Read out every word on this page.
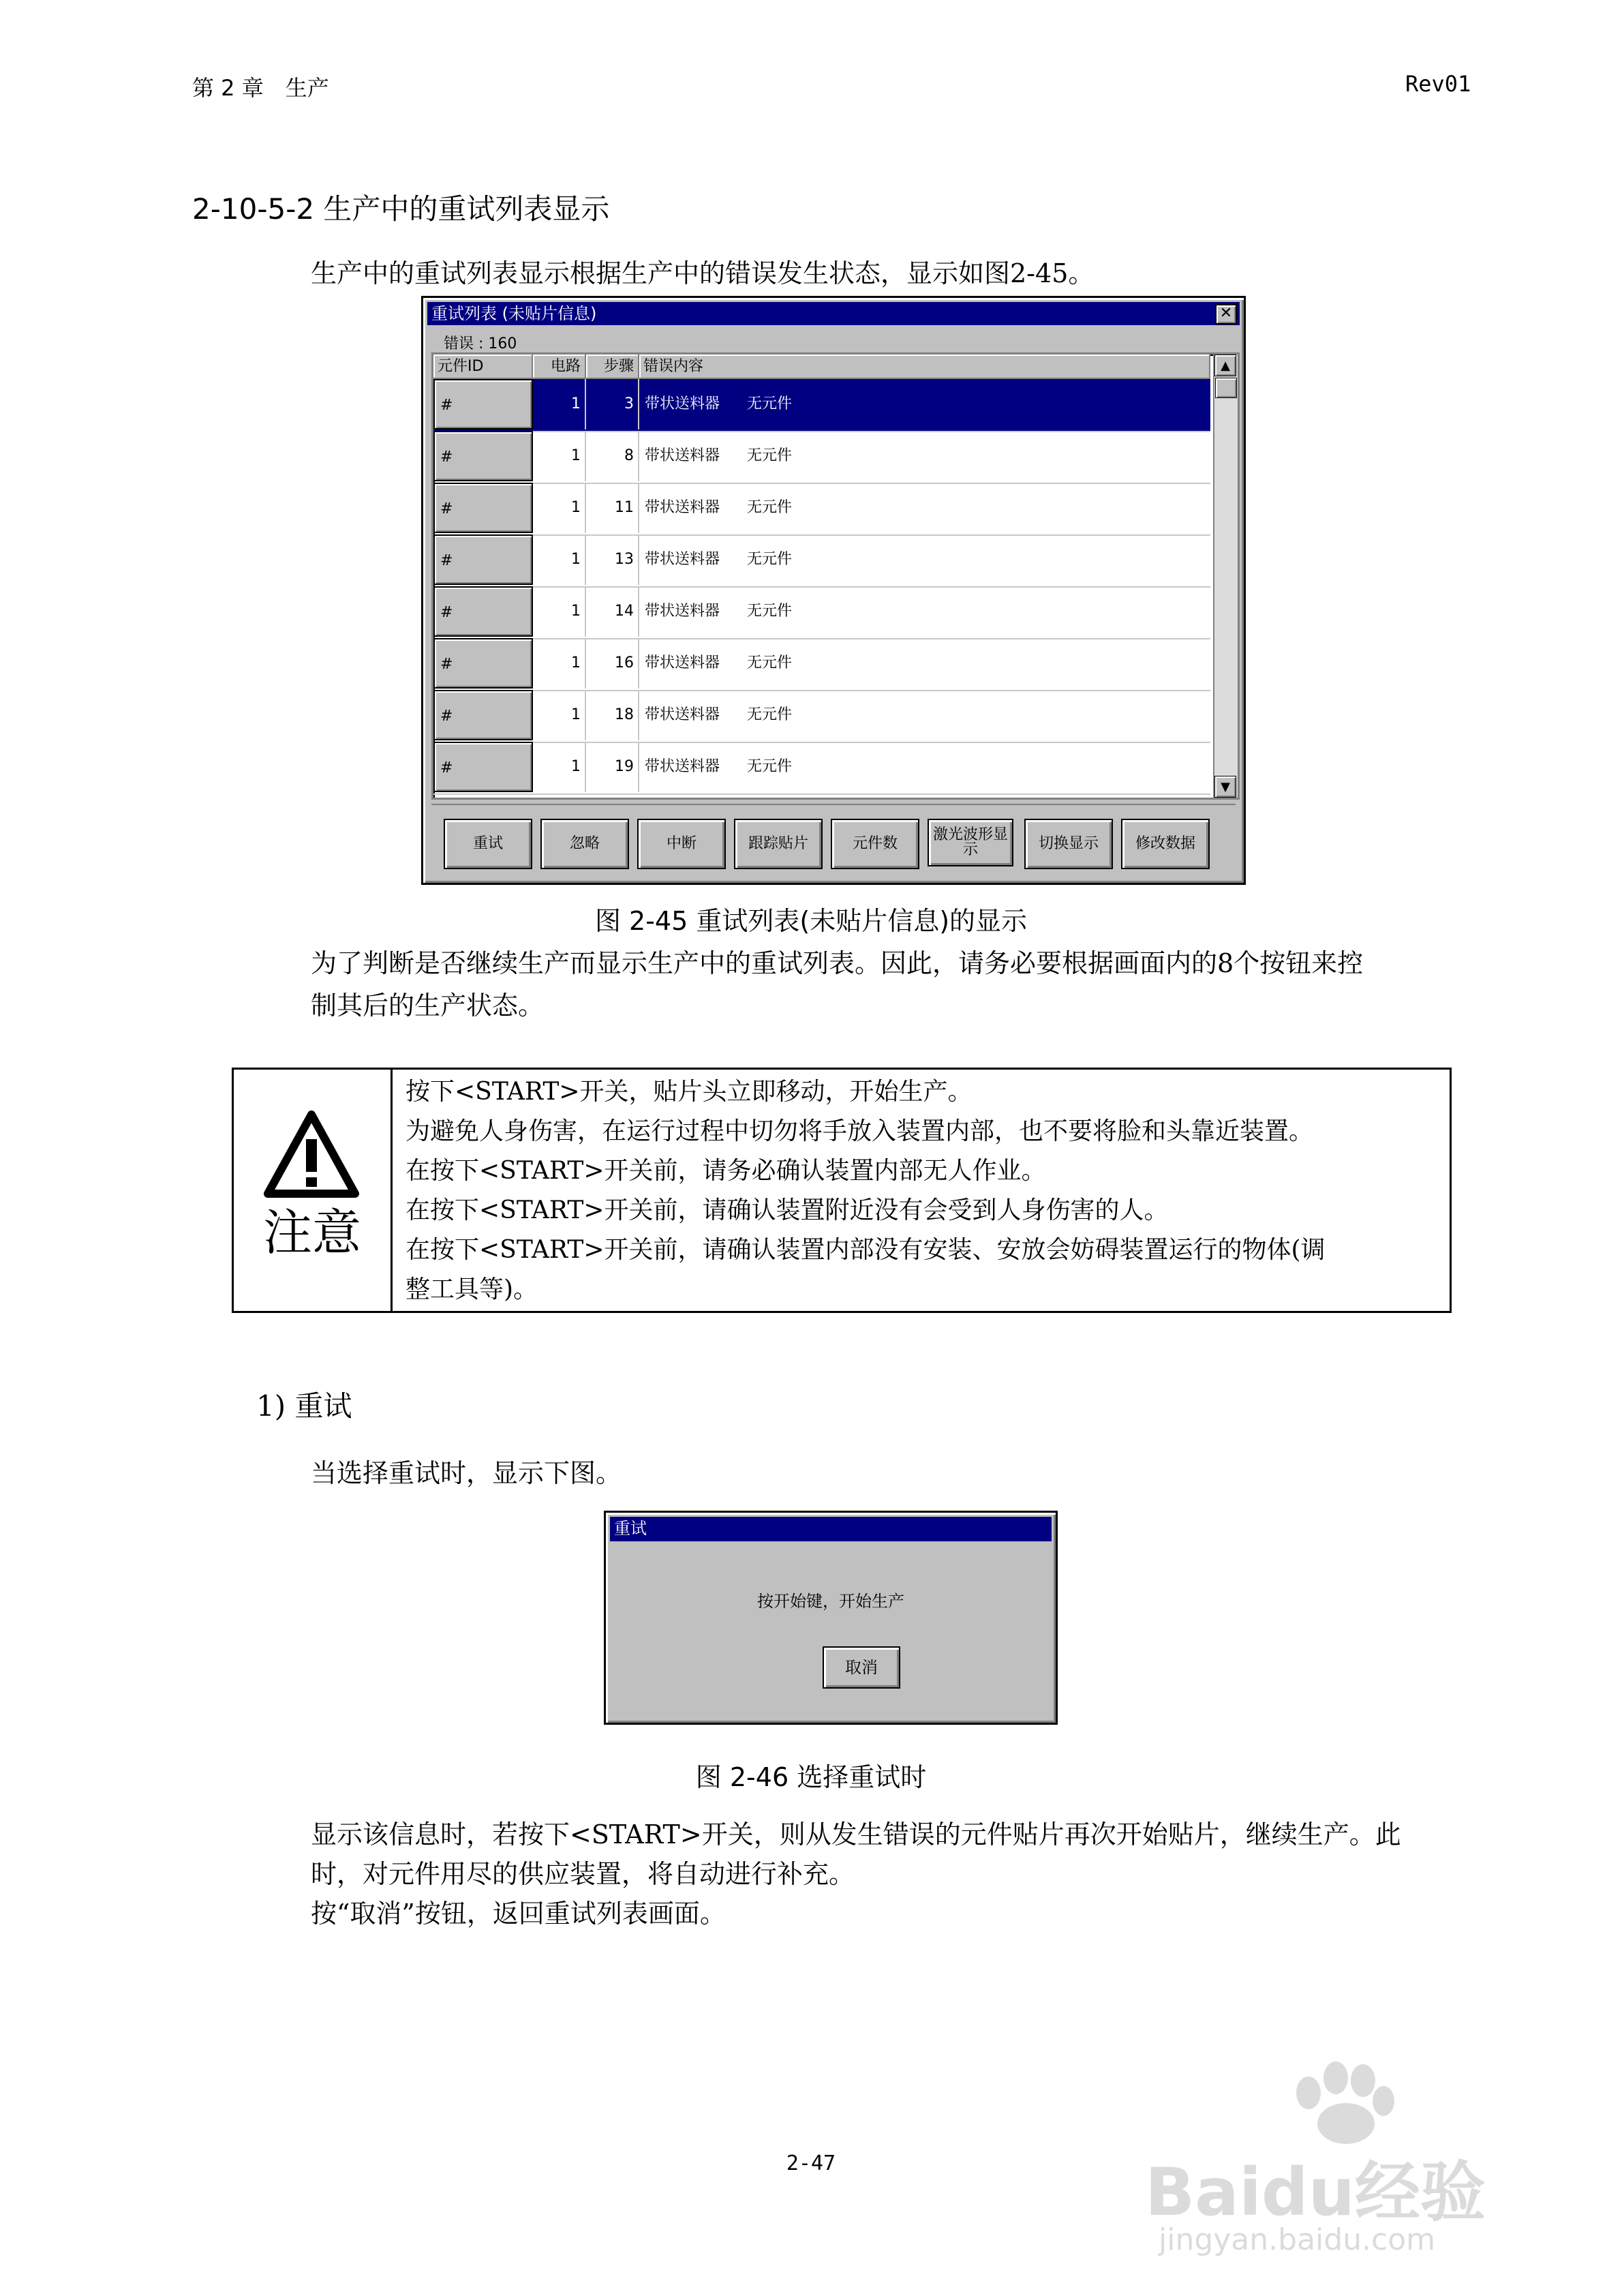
第 2 章　生产	Rev01
2-10-5-2 生产中的重试列表显示
生产中的重试列表显示根据生产中的错误发生状态，显示如图2-45。
重试列表 (未贴片信息)	✕
错误 : 160
元件ID	电路	步骤 错误内容
#	1	3 带状送料器 无元件
#	1	8 带状送料器 无元件
#	1	11 带状送料器 无元件
#	1	13 带状送料器 无元件
#	1	14 带状送料器 无元件
#	1	16 带状送料器 无元件
#	1	18 带状送料器 无元件
#	1	19 带状送料器 无元件
▲
▼
重试	忽略	中断	跟踪贴片	元件数
激光波形显示	切换显示	修改数据
图 2-45 重试列表(未贴片信息)的显示
为了判断是否继续生产而显示生产中的重试列表。因此，请务必要根据画面内的8个按钮来控
制其后的生产状态。
注意
按下<START>开关，贴片头立即移动，开始生产。
为避免人身伤害，在运行过程中切勿将手放入装置内部，也不要将脸和头靠近装置。
在按下<START>开关前，请务必确认装置内部无人作业。
在按下<START>开关前，请确认装置附近没有会受到人身伤害的人。
在按下<START>开关前，请确认装置内部没有安装、安放会妨碍装置运行的物体(调
整工具等)。
1) 重试
当选择重试时，显示下图。
重试
按开始键，开始生产
取消
图 2-46 选择重试时
显示该信息时，若按下<START>开关，则从发生错误的元件贴片再次开始贴片，继续生产。此
时，对元件用尽的供应装置，将自动进行补充。
按“取消”按钮，返回重试列表画面。
2-47	Baidu经验
jingyan.baidu.com
